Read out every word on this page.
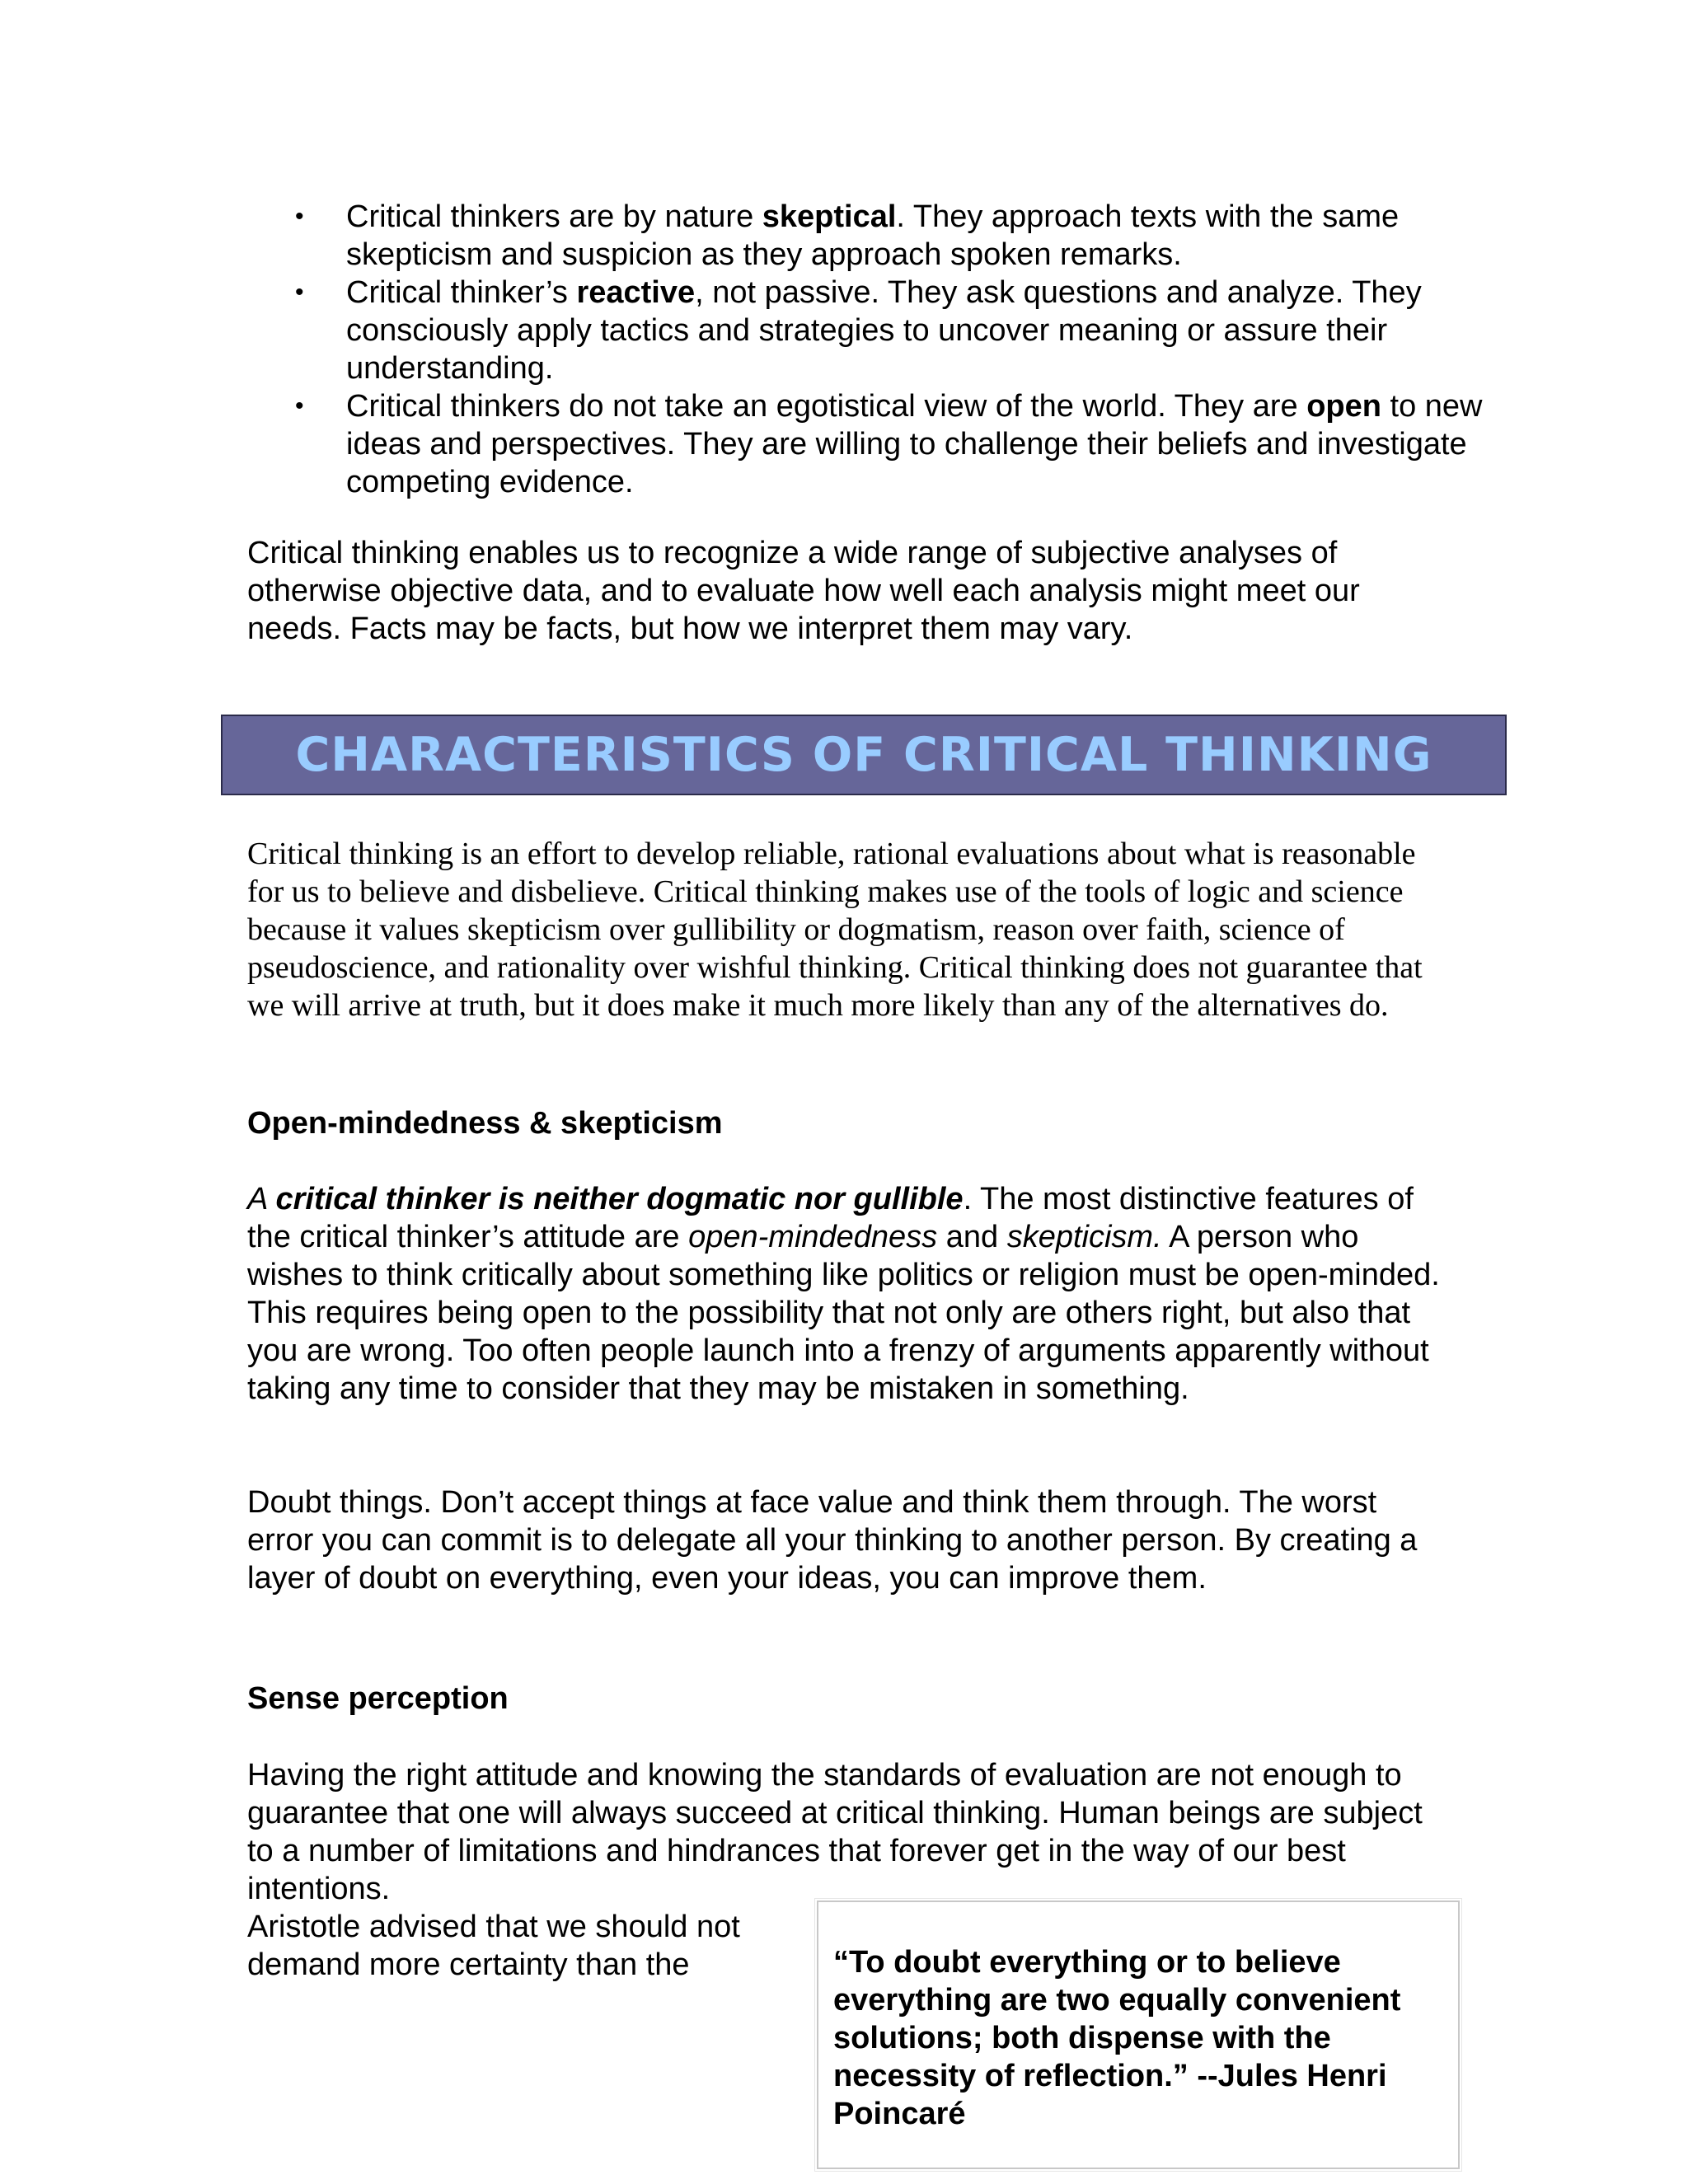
• Critical thinkers are by nature skeptical. They approach texts with the same skepticism and suspicion as they approach spoken remarks.
• Critical thinker’s reactive, not passive. They ask questions and analyze. They consciously apply tactics and strategies to uncover meaning or assure their understanding.
• Critical thinkers do not take an egotistical view of the world. They are open to new ideas and perspectives. They are willing to challenge their beliefs and investigate competing evidence.

Critical thinking enables us to recognize a wide range of subjective analyses of otherwise objective data, and to evaluate how well each analysis might meet our needs. Facts may be facts, but how we interpret them may vary.

CHARACTERISTICS OF CRITICAL THINKING

Critical thinking is an effort to develop reliable, rational evaluations about what is reasonable for us to believe and disbelieve. Critical thinking makes use of the tools of logic and science because it values skepticism over gullibility or dogmatism, reason over faith, science of pseudoscience, and rationality over wishful thinking. Critical thinking does not guarantee that we will arrive at truth, but it does make it much more likely than any of the alternatives do.

Open-mindedness & skepticism

A critical thinker is neither dogmatic nor gullible. The most distinctive features of the critical thinker’s attitude are open-mindedness and skepticism. A person who wishes to think critically about something like politics or religion must be open-minded. This requires being open to the possibility that not only are others right, but also that you are wrong. Too often people launch into a frenzy of arguments apparently without taking any time to consider that they may be mistaken in something.

Doubt things. Don’t accept things at face value and think them through. The worst error you can commit is to delegate all your thinking to another person. By creating a layer of doubt on everything, even your ideas, you can improve them.

Sense perception

Having the right attitude and knowing the standards of evaluation are not enough to guarantee that one will always succeed at critical thinking. Human beings are subject to a number of limitations and hindrances that forever get in the way of our best intentions.

Aristotle advised that we should not
demand more certainty than the	“To doubt everything or to believe everything are two equally convenient solutions; both dispense with the necessity of reflection.” --Jules Henri Poincaré
